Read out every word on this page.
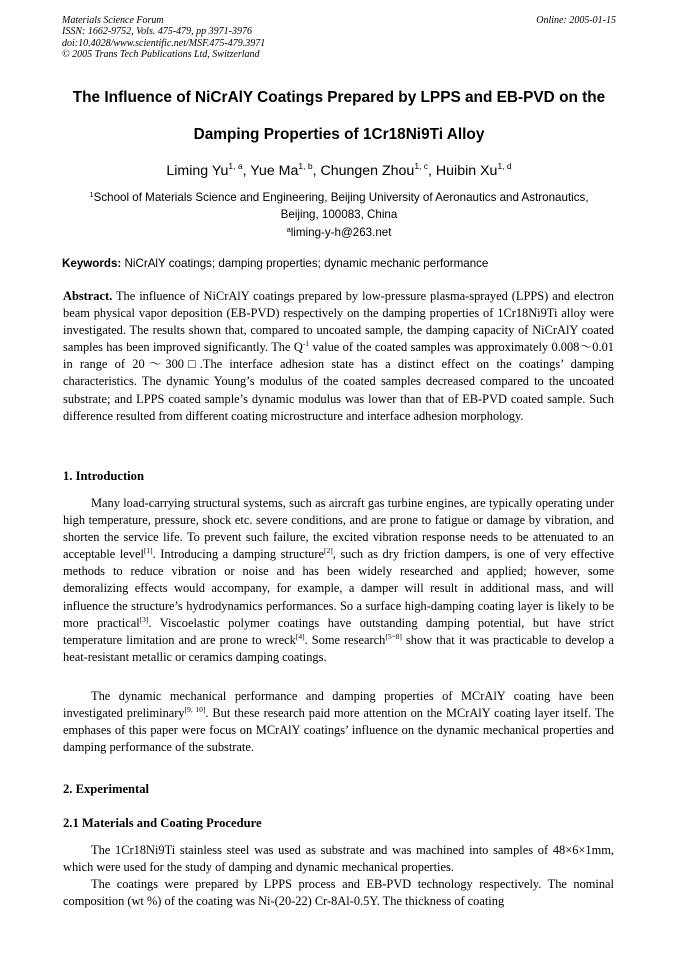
Materials Science Forum
ISSN: 1662-9752, Vols. 475-479, pp 3971-3976
doi:10.4028/www.scientific.net/MSF.475-479.3971
© 2005 Trans Tech Publications Ltd, Switzerland
Online: 2005-01-15
The Influence of NiCrAlY Coatings Prepared by LPPS and EB-PVD on the
Damping Properties of 1Cr18Ni9Ti Alloy
Liming Yu$^{1, a}$, Yue Ma$^{1, b}$, Chungen Zhou$^{1, c}$, Huibin Xu$^{1, d}$
$^1$School of Materials Science and Engineering, Beijing University of Aeronautics and Astronautics,
Beijing, 100083, China
$^a$liming-y-h@263.net
Keywords: NiCrAlY coatings; damping properties; dynamic mechanic performance
Abstract. The influence of NiCrAlY coatings prepared by low-pressure plasma-sprayed (LPPS) and electron beam physical vapor deposition (EB-PVD) respectively on the damping properties of 1Cr18Ni9Ti alloy were investigated. The results shown that, compared to uncoated sample, the damping capacity of NiCrAlY coated samples has been improved significantly. The $Q^{-1}$ value of the coated samples was approximately 0.008～0.01 in range of 20～300□.The interface adhesion state has a distinct effect on the coatings’ damping characteristics. The dynamic Young’s modulus of the coated samples decreased compared to the uncoated substrate; and LPPS coated sample’s dynamic modulus was lower than that of EB-PVD coated sample. Such difference resulted from different coating microstructure and interface adhesion morphology.
1. Introduction
Many load-carrying structural systems, such as aircraft gas turbine engines, are typically operating under high temperature, pressure, shock etc. severe conditions, and are prone to fatigue or damage by vibration, and shorten the service life. To prevent such failure, the excited vibration response needs to be attenuated to an acceptable level[1]. Introducing a damping structure[2], such as dry friction dampers, is one of very effective methods to reduce vibration or noise and has been widely researched and applied; however, some demoralizing effects would accompany, for example, a damper will result in additional mass, and will influence the structure’s hydrodynamics performances. So a surface high-damping coating layer is likely to be more practical[3]. Viscoelastic polymer coatings have outstanding damping potential, but have strict temperature limitation and are prone to wreck[4]. Some research[5~8] show that it was practicable to develop a heat-resistant metallic or ceramics damping coatings.
The dynamic mechanical performance and damping properties of MCrAlY coating have been investigated preliminary[9, 10]. But these research paid more attention on the MCrAlY coating layer itself. The emphases of this paper were focus on MCrAlY coatings’ influence on the dynamic mechanical properties and damping performance of the substrate.
2. Experimental
2.1 Materials and Coating Procedure
The 1Cr18Ni9Ti stainless steel was used as substrate and was machined into samples of 48×6×1mm, which were used for the study of damping and dynamic mechanical properties.
The coatings were prepared by LPPS process and EB-PVD technology respectively. The nominal composition (wt %) of the coating was Ni-(20-22) Cr-8Al-0.5Y. The thickness of coating
